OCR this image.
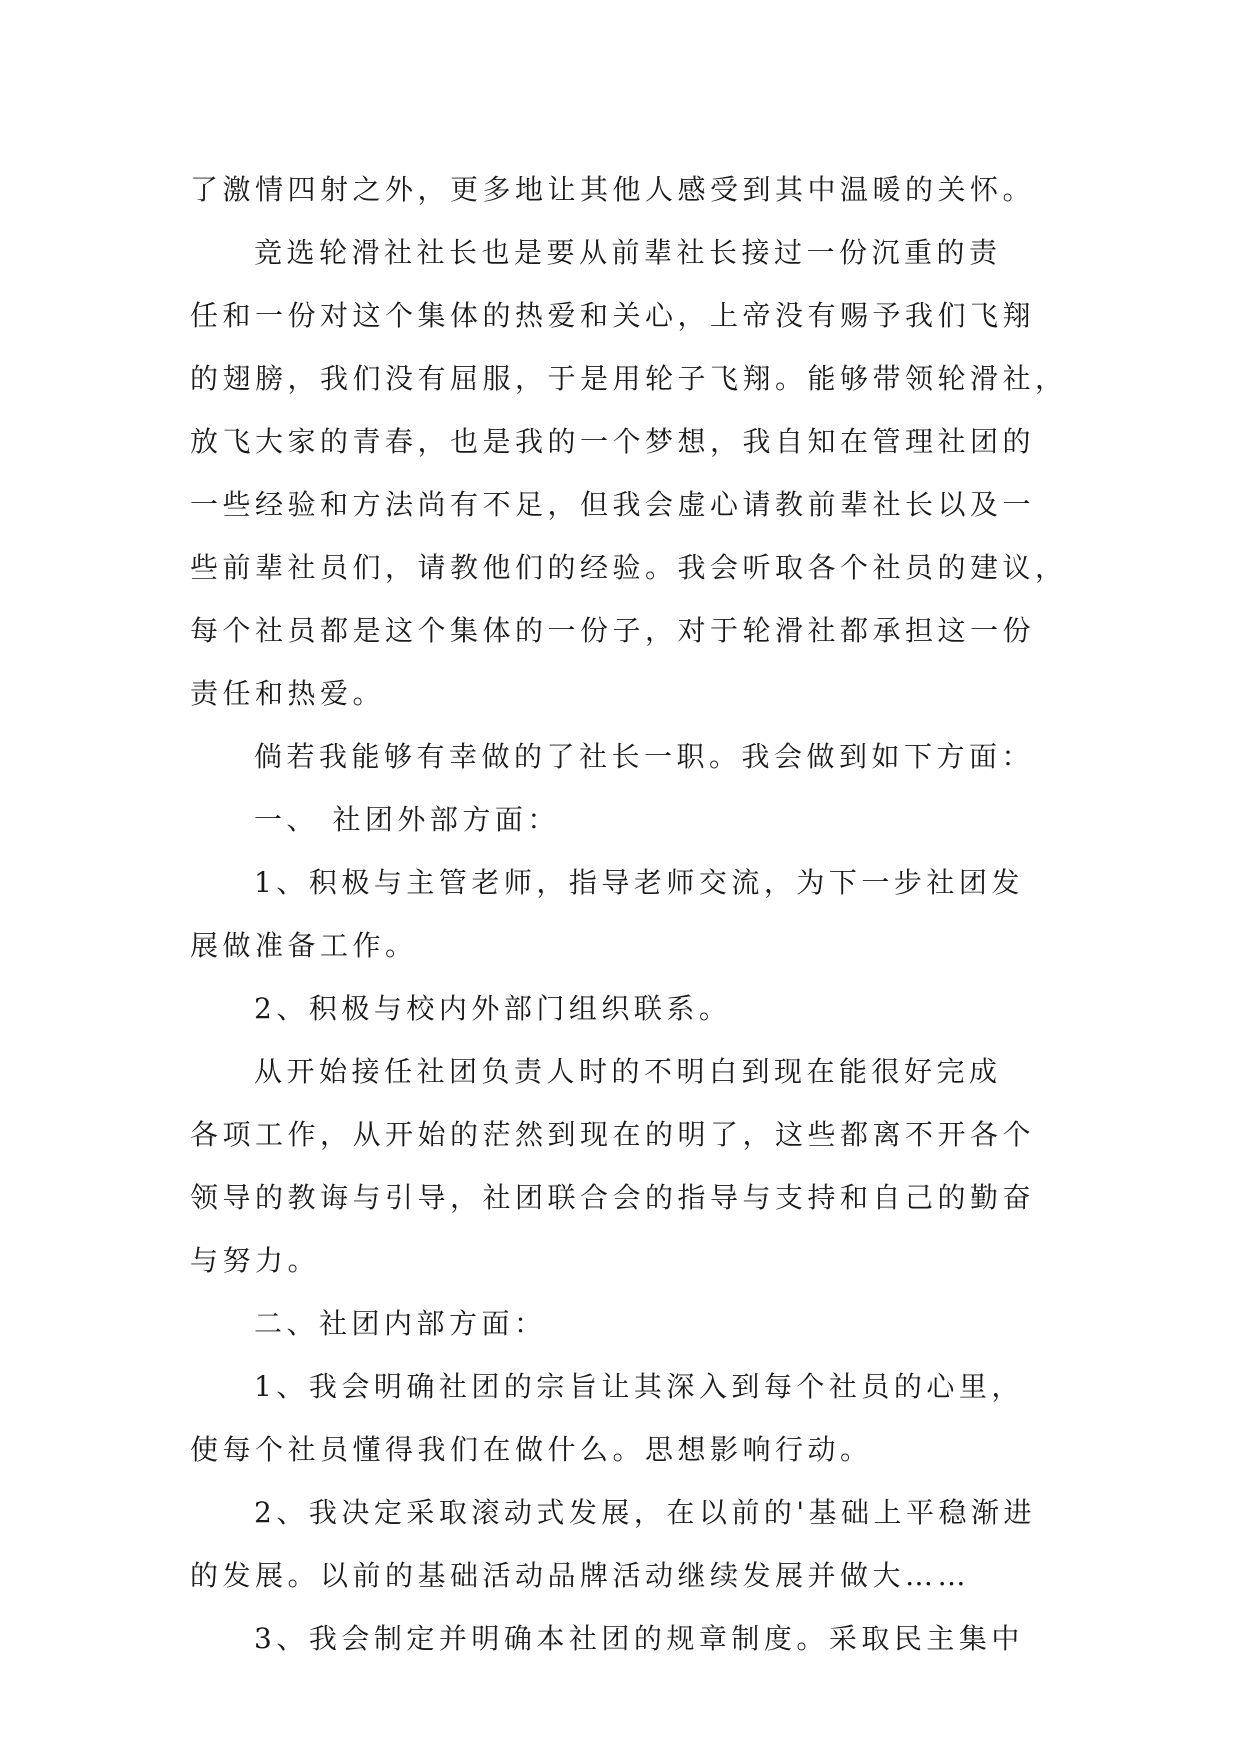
了激情四射之外，更多地让其他人感受到其中温暖的关怀。
竞选轮滑社社长也是要从前辈社长接过一份沉重的责
任和一份对这个集体的热爱和关心，上帝没有赐予我们飞翔
的翅膀，我们没有屈服，于是用轮子飞翔。能够带领轮滑社，
放飞大家的青春，也是我的一个梦想，我自知在管理社团的
一些经验和方法尚有不足，但我会虚心请教前辈社长以及一
些前辈社员们，请教他们的经验。我会听取各个社员的建议，
每个社员都是这个集体的一份子，对于轮滑社都承担这一份
责任和热爱。
倘若我能够有幸做的了社长一职。我会做到如下方面：
一、 社团外部方面：
1、积极与主管老师，指导老师交流，为下一步社团发
展做准备工作。
2、积极与校内外部门组织联系。
从开始接任社团负责人时的不明白到现在能很好完成
各项工作，从开始的茫然到现在的明了，这些都离不开各个
领导的教诲与引导，社团联合会的指导与支持和自己的勤奋
与努力。
二、社团内部方面：
1、我会明确社团的宗旨让其深入到每个社员的心里，
使每个社员懂得我们在做什么。思想影响行动。
2、我决定采取滚动式发展，在以前的'基础上平稳渐进
的发展。以前的基础活动品牌活动继续发展并做大……
3、我会制定并明确本社团的规章制度。采取民主集中
